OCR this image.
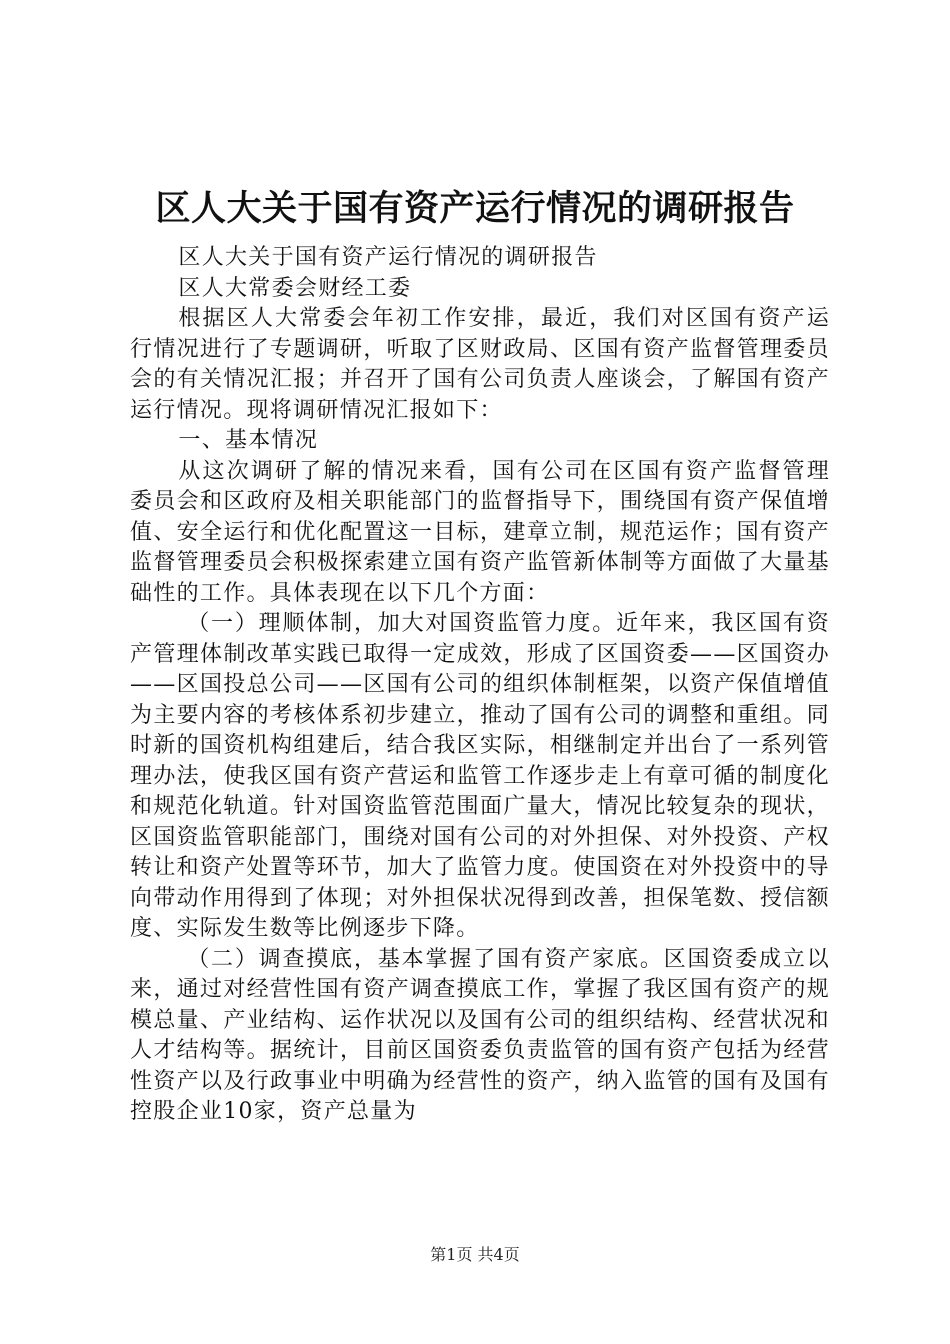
区人大关于国有资产运行情况的调研报告

区人大关于国有资产运行情况的调研报告

区人大常委会财经工委

根据区人大常委会年初工作安排，最近，我们对区国有资产运行情况进行了专题调研，听取了区财政局、区国有资产监督管理委员会的有关情况汇报；并召开了国有公司负责人座谈会，了解国有资产运行情况。现将调研情况汇报如下：

一、基本情况

从这次调研了解的情况来看，国有公司在区国有资产监督管理委员会和区政府及相关职能部门的监督指导下，围绕国有资产保值增值、安全运行和优化配置这一目标，建章立制，规范运作；国有资产监督管理委员会积极探索建立国有资产监管新体制等方面做了大量基础性的工作。具体表现在以下几个方面：

（一）理顺体制，加大对国资监管力度。近年来，我区国有资产管理体制改革实践已取得一定成效，形成了区国资委——区国资办——区国投总公司——区国有公司的组织体制框架，以资产保值增值为主要内容的考核体系初步建立，推动了国有公司的调整和重组。同时新的国资机构组建后，结合我区实际，相继制定并出台了一系列管理办法，使我区国有资产营运和监管工作逐步走上有章可循的制度化和规范化轨道。针对国资监管范围面广量大，情况比较复杂的现状，区国资监管职能部门，围绕对国有公司的对外担保、对外投资、产权转让和资产处置等环节，加大了监管力度。使国资在对外投资中的导向带动作用得到了体现；对外担保状况得到改善，担保笔数、授信额度、实际发生数等比例逐步下降。

（二）调查摸底，基本掌握了国有资产家底。区国资委成立以来，通过对经营性国有资产调查摸底工作，掌握了我区国有资产的规模总量、产业结构、运作状况以及国有公司的组织结构、经营状况和人才结构等。据统计，目前区国资委负责监管的国有资产包括为经营性资产以及行政事业中明确为经营性的资产，纳入监管的国有及国有控股企业10家，资产总量为

第1页 共4页
